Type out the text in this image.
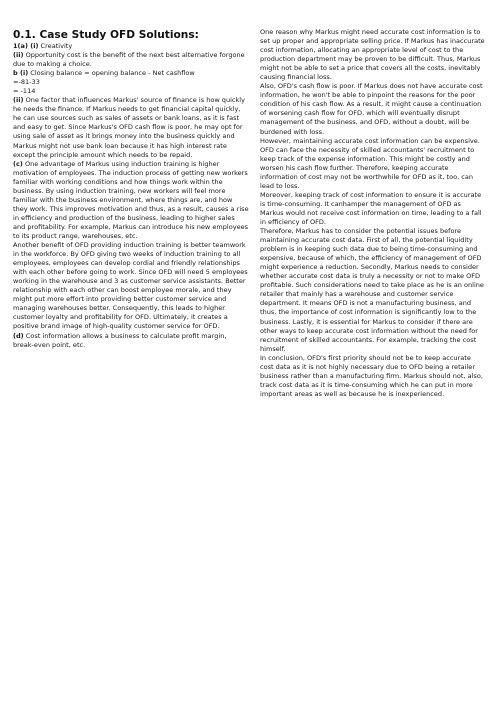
0.1. Case Study OFD Solutions:

1(a) (i) Creativity

(ii) Opportunity cost is the benefit of the next best alternative forgone due to making a choice.

b (i) Closing balance = opening balance - Net cashflow

=-81-33

= -114

(ii) One factor that influences Markus' source of finance is how quickly he needs the finance. If Markus needs to get financial capital quickly, he can use sources such as sales of assets or bank loans, as it is fast and easy to get. Since Markus's OFD cash flow is poor, he may opt for using sale of asset as it brings money into the business quickly and Markus might not use bank loan because it has high interest rate except the principle amount which needs to be repaid.

(c) One advantage of Markus using induction training is higher motivation of employees. The induction process of getting new workers familiar with working conditions and how things work within the business. By using induction training, new workers will feel more familiar with the business environment, where things are, and how they work. This improves motivation and thus, as a result, causes a rise in efficiency and production of the business, leading to higher sales and profitability. For example, Markus can introduce his new employees to its product range, warehouses, etc.

Another benefit of OFD providing induction training is better teamwork in the workforce. By OFD giving two weeks of induction training to all employees, employees can develop cordial and friendly relationships with each other before going to work. Since OFD will need 5 employees working in the warehouse and 3 as customer service assistants. Better relationship with each other can boost employee morale, and they might put more effort into providing better customer service and managing warehouses better. Consequently, this leads to higher customer loyalty and profitability for OFD. Ultimately, it creates a positive brand image of high-quality customer service for OFD.

(d) Cost information allows a business to calculate profit margin, break-even point, etc.

One reason why Markus might need accurate cost information is to set up proper and appropriate selling price. If Markus has inaccurate cost information, allocating an appropriate level of cost to the production department may be proven to be difficult. Thus, Markus might not be able to set a price that covers all the costs, inevitably causing financial loss.

Also, OFD's cash flow is poor. If Markus does not have accurate cost information, he won't be able to pinpoint the reasons for the poor condition of his cash flow. As a result, it might cause a continuation of worsening cash flow for OFD, which will eventually disrupt management of the business, and OFD, without a doubt, will be burdened with loss.

However, maintaining accurate cost information can be expensive. OFD can face the necessity of skilled accountants' recruitment to keep track of the expense information. This might be costly and worsen his cash flow further. Therefore, keeping accurate information of cost may not be worthwhile for OFD as it, too, can lead to loss.

Moreover, keeping track of cost information to ensure it is accurate is time-consuming. It canhamper the management of OFD as Markus would not receive cost information on time, leading to a fall in efficiency of OFD.

Therefore, Markus has to consider the potential issues before maintaining accurate cost data. First of all, the potential liquidity problem is in keeping such data due to being time-consuming and expensive, because of which, the efficiency of management of OFD might experience a reduction. Secondly, Markus needs to consider whether accurate cost data is truly a necessity or not to make OFD profitable. Such considerations need to take place as he is an online retailer that mainly has a warehouse and customer service department. It means OFD is not a manufacturing business, and thus, the importance of cost information is significantly low to the business. Lastly, it is essential for Markus to consider if there are other ways to keep accurate cost information without the need for recruitment of skilled accountants. For example, tracking the cost himself.

In conclusion, OFD's first priority should not be to keep accurate cost data as it is not highly necessary due to OFD being a retailer business rather than a manufacturing firm. Markus should not, also, track cost data as it is time-consuming which he can put in more important areas as well as because he is inexperienced.
